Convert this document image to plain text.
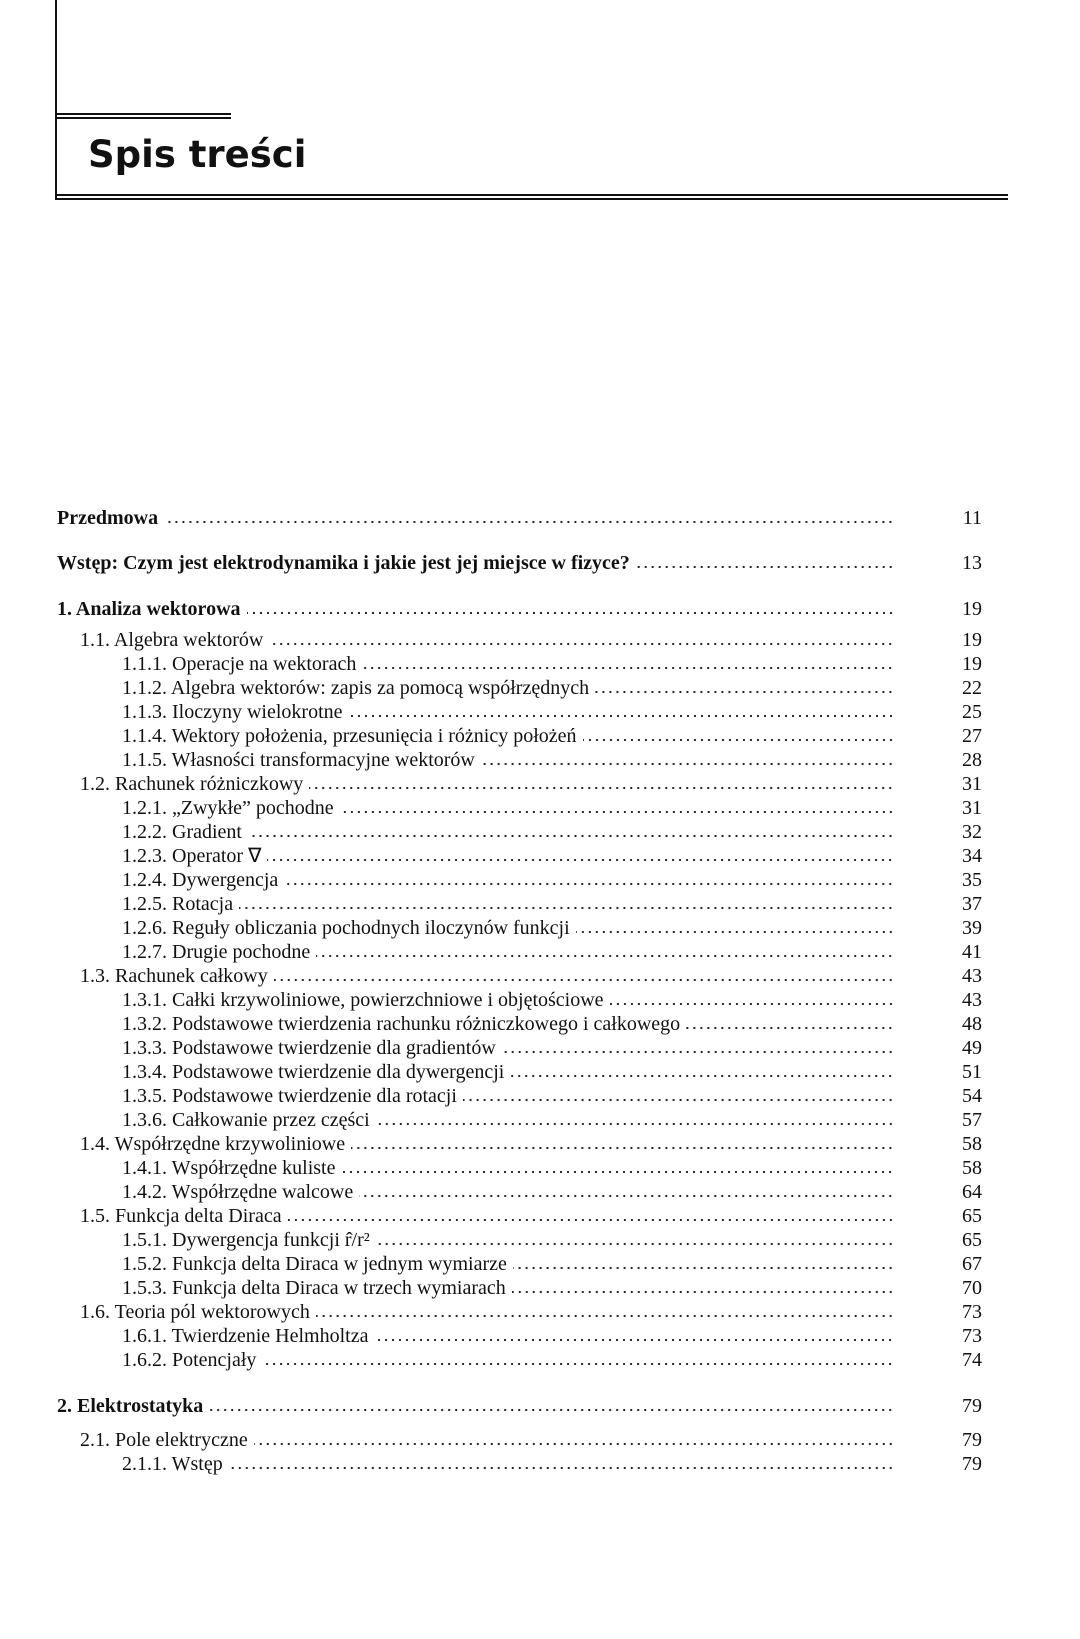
Spis treści
Przedmowa	11
Wstęp: Czym jest elektrodynamika i jakie jest jej miejsce w fizyce?	13
1. Analiza wektorowa	19
1.1. Algebra wektorów	19
1.1.1. Operacje na wektorach	19
1.1.2. Algebra wektorów: zapis za pomocą współrzędnych	22
1.1.3. Iloczyny wielokrotne	25
1.1.4. Wektory położenia, przesunięcia i różnicy położeń	27
1.1.5. Własności transformacyjne wektorów	28
1.2. Rachunek różniczkowy	31
1.2.1. „Zwykłe” pochodne	31
1.2.2. Gradient	32
1.2.3. Operator ∇	34
1.2.4. Dywergencja	35
1.2.5. Rotacja	37
1.2.6. Reguły obliczania pochodnych iloczynów funkcji	39
1.2.7. Drugie pochodne	41
1.3. Rachunek całkowy	43
1.3.1. Całki krzywoliniowe, powierzchniowe i objętościowe	43
1.3.2. Podstawowe twierdzenia rachunku różniczkowego i całkowego	48
1.3.3. Podstawowe twierdzenie dla gradientów	49
1.3.4. Podstawowe twierdzenie dla dywergencji	51
1.3.5. Podstawowe twierdzenie dla rotacji	54
1.3.6. Całkowanie przez części	57
1.4. Współrzędne krzywoliniowe	58
1.4.1. Współrzędne kuliste	58
1.4.2. Współrzędne walcowe	64
1.5. Funkcja delta Diraca	65
1.5.1. Dywergencja funkcji r̂/r²	65
1.5.2. Funkcja delta Diraca w jednym wymiarze	67
1.5.3. Funkcja delta Diraca w trzech wymiarach	70
1.6. Teoria pól wektorowych	73
1.6.1. Twierdzenie Helmholtza	73
1.6.2. Potencjały	74
2. Elektrostatyka	79
2.1. Pole elektryczne	79
2.1.1. Wstęp	79
